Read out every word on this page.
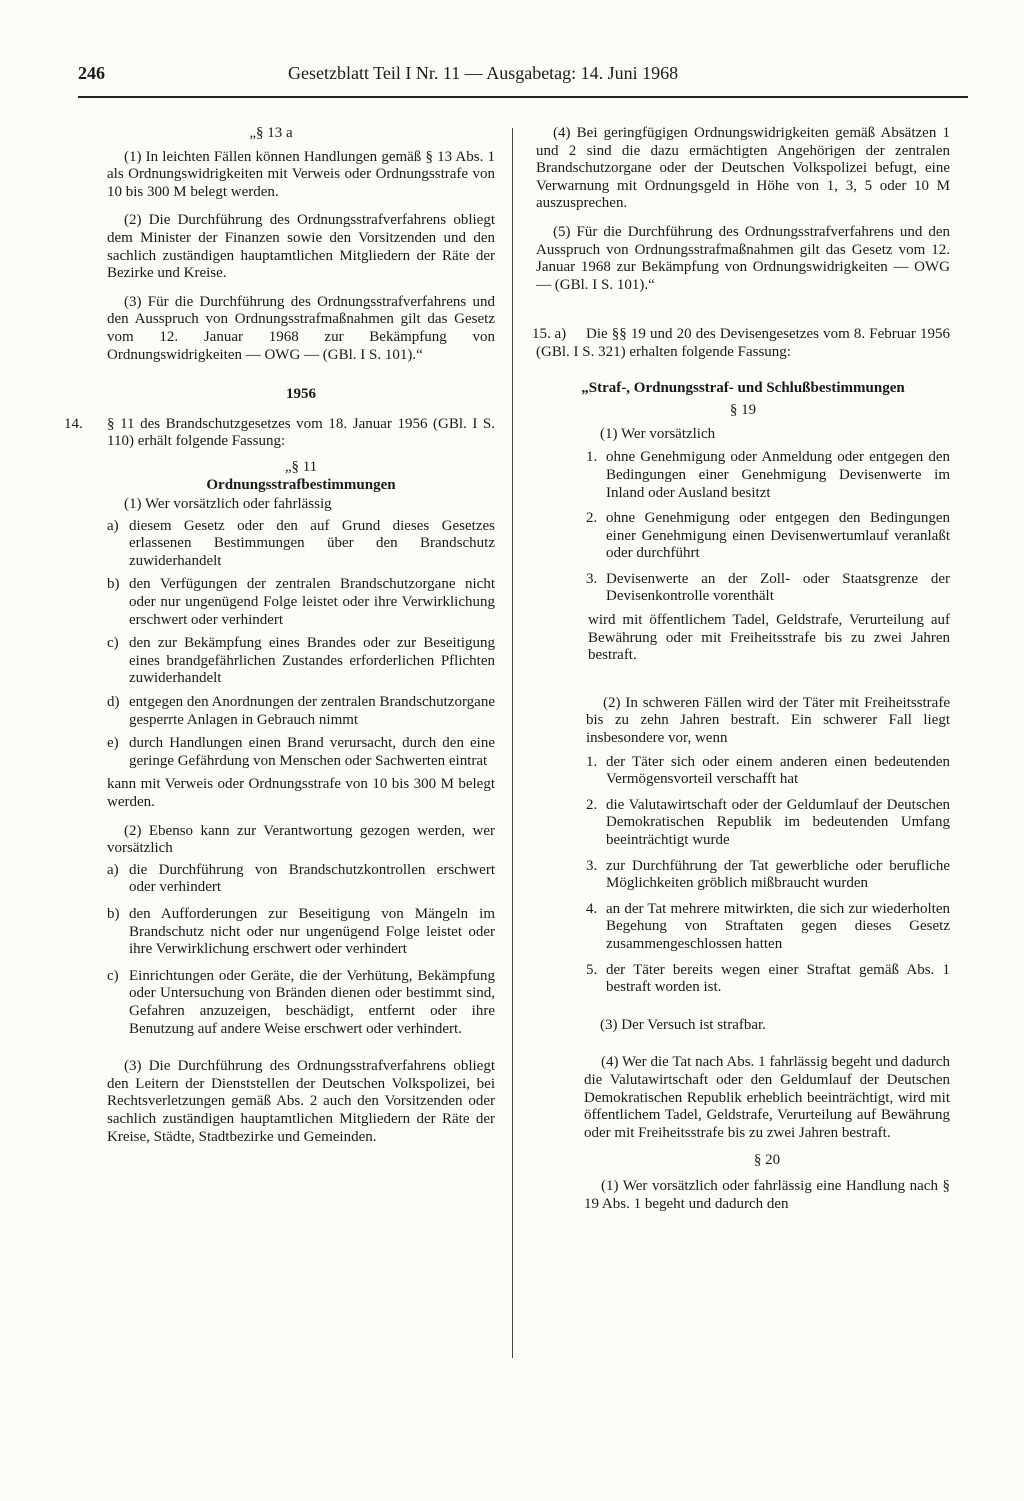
246	Gesetzblatt Teil I Nr. 11 — Ausgabetag: 14. Juni 1968
„§ 13 a

(1) In leichten Fällen können Handlungen gemäß § 13 Abs. 1 als Ordnungswidrigkeiten mit Verweis oder Ordnungsstrafe von 10 bis 300 M belegt werden.

(2) Die Durchführung des Ordnungsstrafverfahrens obliegt dem Minister der Finanzen sowie den Vorsitzenden und den sachlich zuständigen hauptamtlichen Mitgliedern der Räte der Bezirke und Kreise.

(3) Für die Durchführung des Ordnungsstrafverfahrens und den Ausspruch von Ordnungsstrafmaßnahmen gilt das Gesetz vom 12. Januar 1968 zur Bekämpfung von Ordnungswidrigkeiten — OWG — (GBl. I S. 101).“

1956
14. § 11 des Brandschutzgesetzes vom 18. Januar 1956 (GBl. I S. 110) erhält folgende Fassung:

„§ 11
Ordnungsstrafbestimmungen

(1) Wer vorsätzlich oder fahrlässig

a) diesem Gesetz oder den auf Grund dieses Gesetzes erlassenen Bestimmungen über den Brandschutz zuwiderhandelt
b) den Verfügungen der zentralen Brandschutzorgane nicht oder nur ungenügend Folge leistet oder ihre Verwirklichung erschwert oder verhindert
c) den zur Bekämpfung eines Brandes oder zur Beseitigung eines brandgefährlichen Zustandes erforderlichen Pflichten zuwiderhandelt
d) entgegen den Anordnungen der zentralen Brandschutzorgane gesperrte Anlagen in Gebrauch nimmt
e) durch Handlungen einen Brand verursacht, durch den eine geringe Gefährdung von Menschen oder Sachwerten eintrat

kann mit Verweis oder Ordnungsstrafe von 10 bis 300 M belegt werden.

(2) Ebenso kann zur Verantwortung gezogen werden, wer vorsätzlich

a) die Durchführung von Brandschutzkontrollen erschwert oder verhindert
b) den Aufforderungen zur Beseitigung von Mängeln im Brandschutz nicht oder nur ungenügend Folge leistet oder ihre Verwirklichung erschwert oder verhindert
c) Einrichtungen oder Geräte, die der Verhütung, Bekämpfung oder Untersuchung von Bränden dienen oder bestimmt sind, Gefahren anzuzeigen, beschädigt, entfernt oder ihre Benutzung auf andere Weise erschwert oder verhindert.

(3) Die Durchführung des Ordnungsstrafverfahrens obliegt den Leitern der Dienststellen der Deutschen Volkspolizei, bei Rechtsverletzungen gemäß Abs. 2 auch den Vorsitzenden oder sachlich zuständigen hauptamtlichen Mitgliedern der Räte der Kreise, Städte, Stadtbezirke und Gemeinden.

(4) Bei geringfügigen Ordnungswidrigkeiten gemäß Absätzen 1 und 2 sind die dazu ermächtigten Angehörigen der zentralen Brandschutzorgane oder der Deutschen Volkspolizei befugt, eine Verwarnung mit Ordnungsgeld in Höhe von 1, 3, 5 oder 10 M auszusprechen.

(5) Für die Durchführung des Ordnungsstrafverfahrens und den Ausspruch von Ordnungsstrafmaßnahmen gilt das Gesetz vom 12. Januar 1968 zur Bekämpfung von Ordnungswidrigkeiten — OWG — (GBl. I S. 101).“

15. a)	Die §§ 19 und 20 des Devisengesetzes vom 8. Februar 1956 (GBl. I S. 321) erhalten folgende Fassung:

„Straf-, Ordnungsstraf- und Schlußbestimmungen
§ 19

(1) Wer vorsätzlich

1. ohne Genehmigung oder Anmeldung oder entgegen den Bedingungen einer Genehmigung Devisenwerte im Inland oder Ausland besitzt
2. ohne Genehmigung oder entgegen den Bedingungen einer Genehmigung einen Devisenwertumlauf veranlaßt oder durchführt
3. Devisenwerte an der Zoll- oder Staatsgrenze der Devisenkontrolle vorenthält

wird mit öffentlichem Tadel, Geldstrafe, Verurteilung auf Bewährung oder mit Freiheitsstrafe bis zu zwei Jahren bestraft.

(2) In schweren Fällen wird der Täter mit Freiheitsstrafe bis zu zehn Jahren bestraft. Ein schwerer Fall liegt insbesondere vor, wenn

1. der Täter sich oder einem anderen einen bedeutenden Vermögensvorteil verschafft hat
2. die Valutawirtschaft oder der Geldumlauf der Deutschen Demokratischen Republik im bedeutenden Umfang beeinträchtigt wurde
3. zur Durchführung der Tat gewerbliche oder berufliche Möglichkeiten gröblich mißbraucht wurden
4. an der Tat mehrere mitwirkten, die sich zur wiederholten Begehung von Straftaten gegen dieses Gesetz zusammengeschlossen hatten
5. der Täter bereits wegen einer Straftat gemäß Abs. 1 bestraft worden ist.

(3) Der Versuch ist strafbar.

(4) Wer die Tat nach Abs. 1 fahrlässig begeht und dadurch die Valutawirtschaft oder den Geldumlauf der Deutschen Demokratischen Republik erheblich beeinträchtigt, wird mit öffentlichem Tadel, Geldstrafe, Verurteilung auf Bewährung oder mit Freiheitsstrafe bis zu zwei Jahren bestraft.

§ 20

(1) Wer vorsätzlich oder fahrlässig eine Handlung nach § 19 Abs. 1 begeht und dadurch den
